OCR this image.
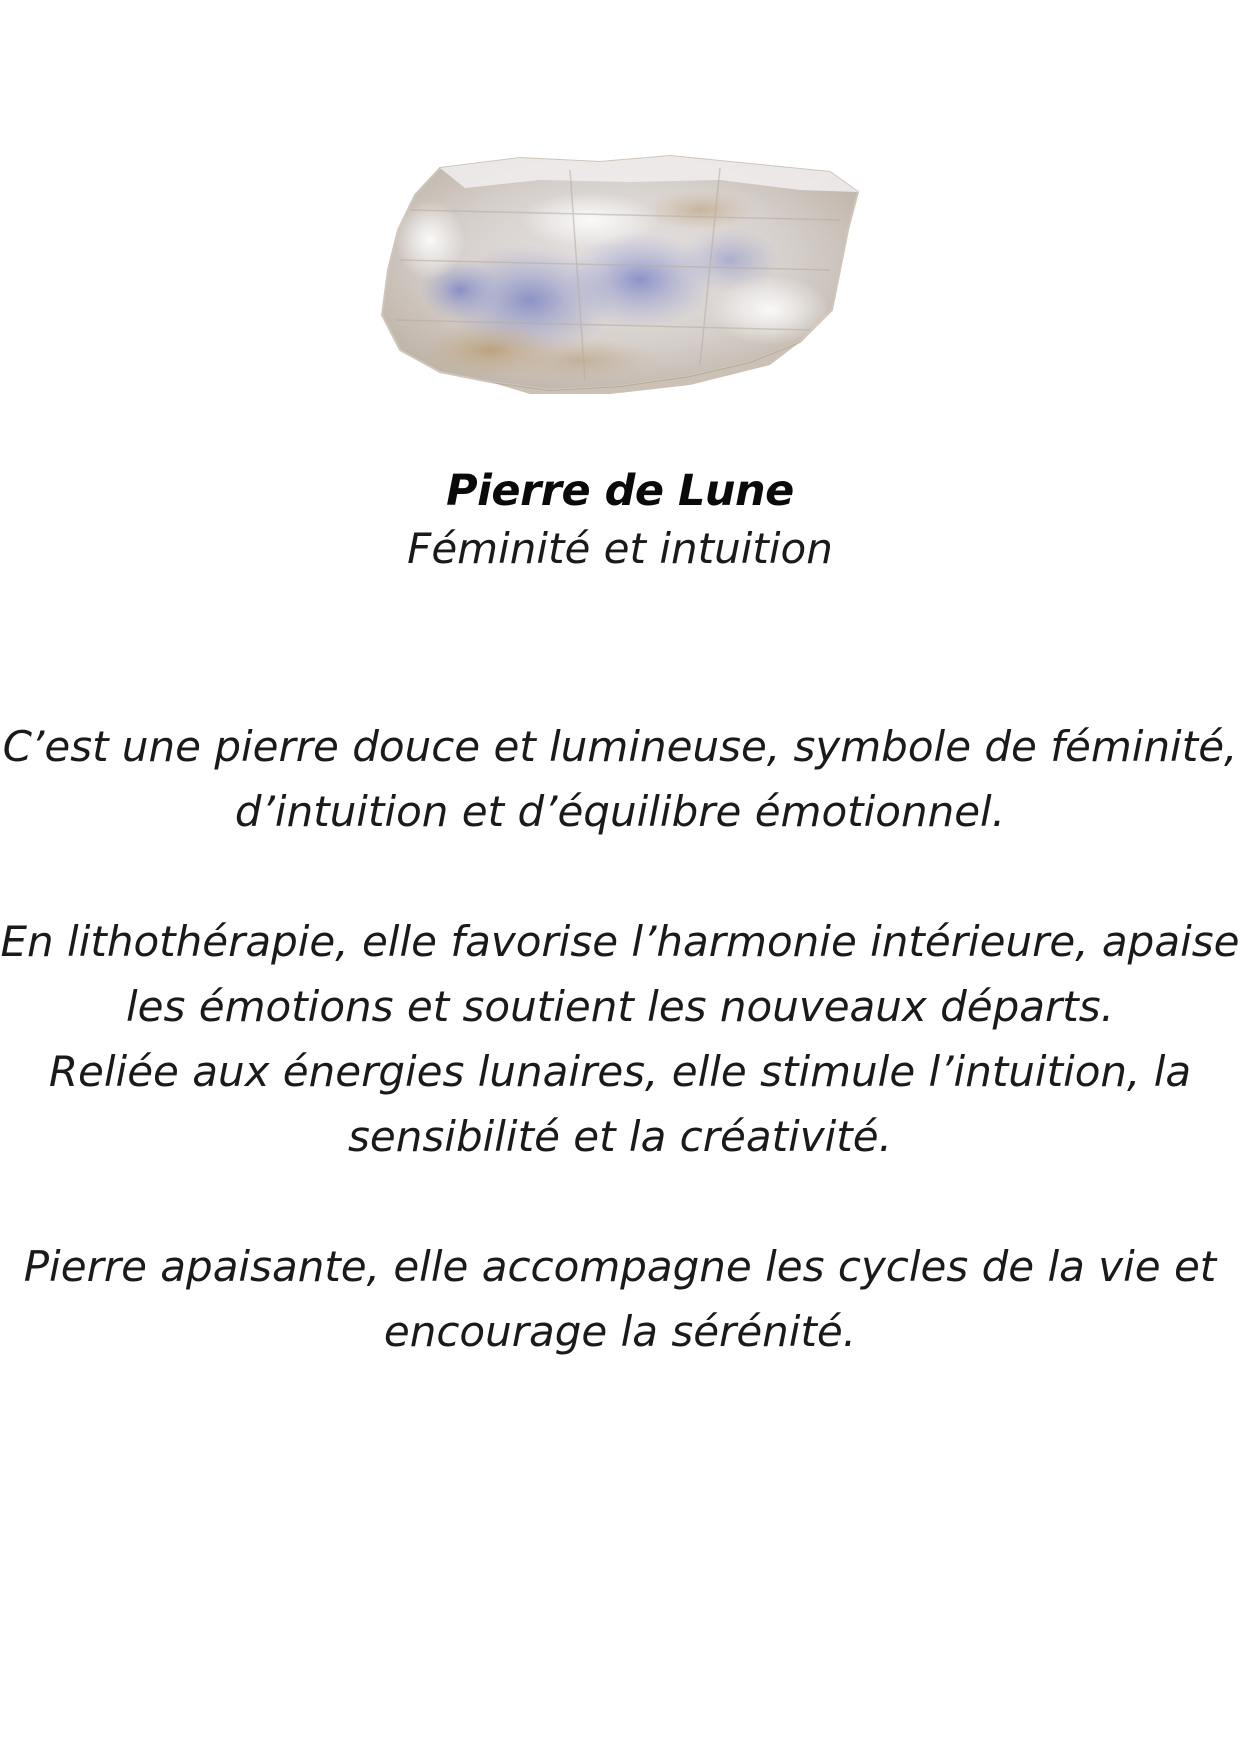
Pierre de Lune
Féminité et intuition

C’est une pierre douce et lumineuse, symbole de féminité, d’intuition et d’équilibre émotionnel.

En lithothérapie, elle favorise l’harmonie intérieure, apaise les émotions et soutient les nouveaux départs.

Reliée aux énergies lunaires, elle stimule l’intuition, la sensibilité et la créativité.

Pierre apaisante, elle accompagne les cycles de la vie et encourage la sérénité.
